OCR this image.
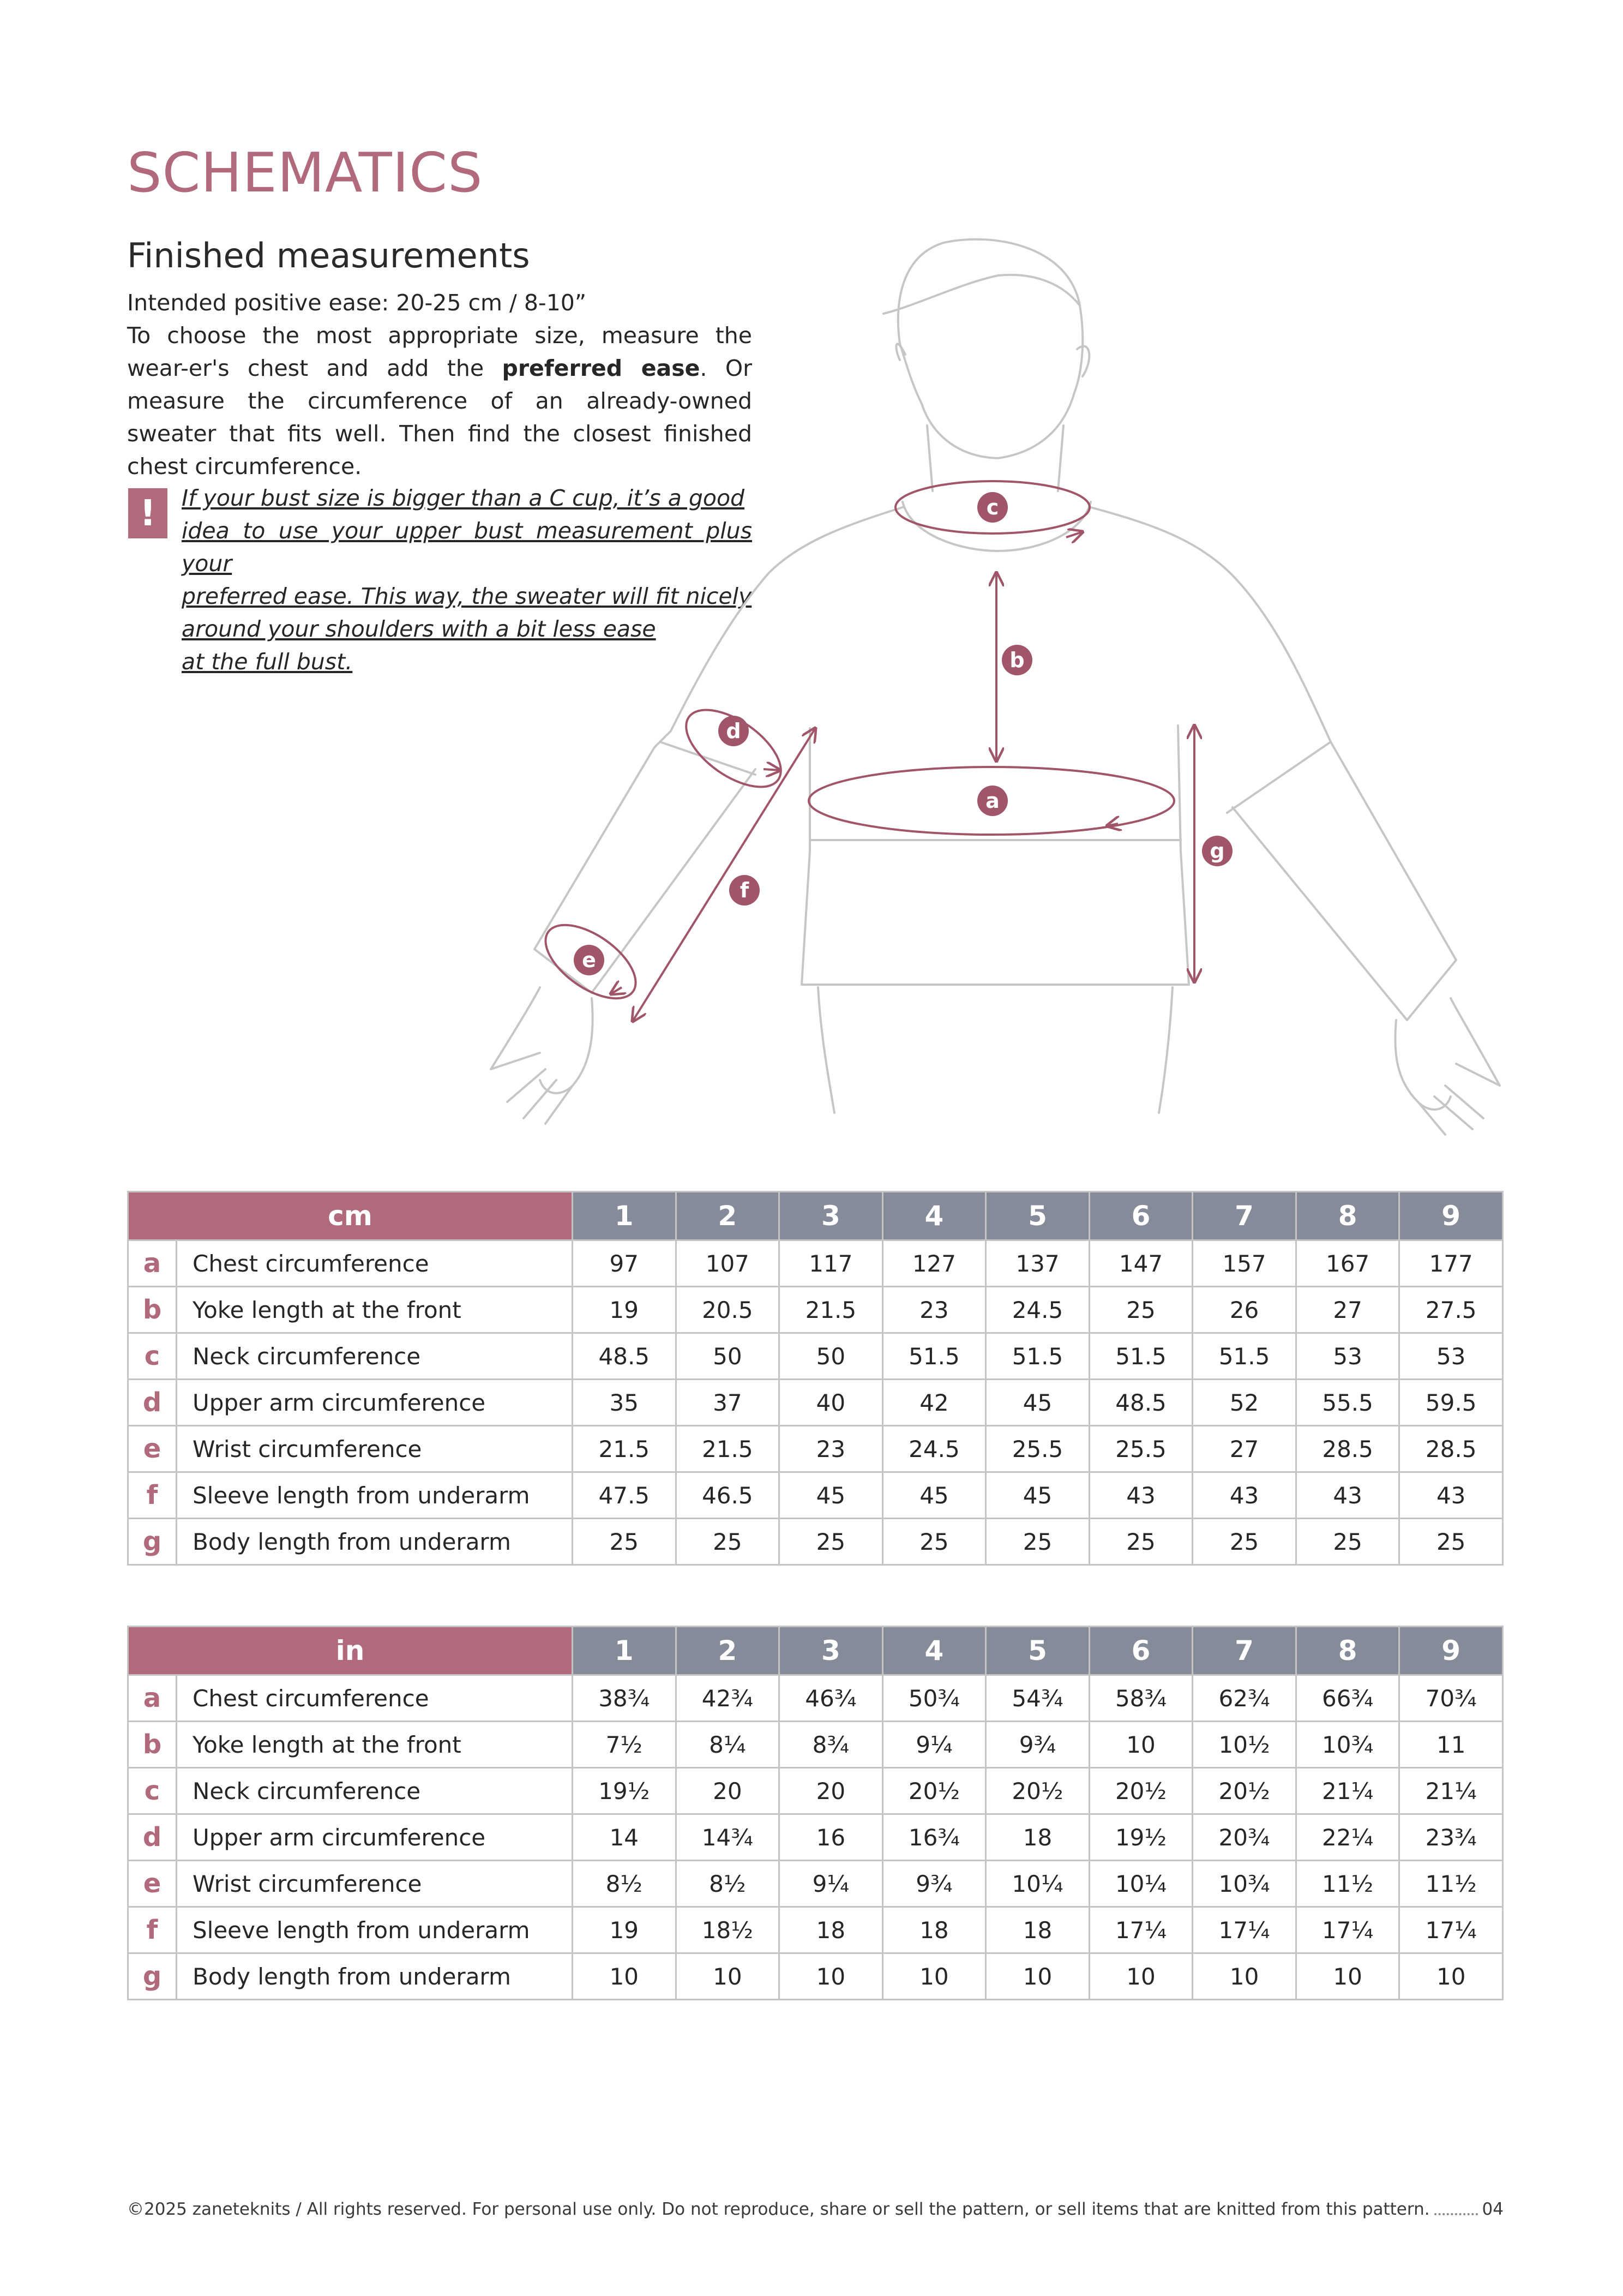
SCHEMATICS
Finished measurements

Intended positive ease: 20-25 cm / 8-10”

To choose the most appropriate size, measure the wear-er's chest and add the preferred ease. Or measure the circumference of an already-owned sweater that fits well. Then find the closest finished chest circumference.

!	If your bust size is bigger than a C cup, it’s a good
idea to use your upper bust measurement plus your
preferred ease. This way, the sweater will fit nicely
around your shoulders with a bit less ease
at the full bust.

c
b
a
d
e
f
g
cm		1	2	3	4	5	6	7	8	9
a	Chest circumference	97	107	117	127	137	147	157	167	177
b	Yoke length at the front	19	20.5	21.5	23	24.5	25	26	27	27.5
c	Neck circumference	48.5	50	50	51.5	51.5	51.5	51.5	53	53
d	Upper arm circumference	35	37	40	42	45	48.5	52	55.5	59.5
e	Wrist circumference	21.5	21.5	23	24.5	25.5	25.5	27	28.5	28.5
f	Sleeve length from underarm	47.5	46.5	45	45	45	43	43	43	43
g	Body length from underarm	25	25	25	25	25	25	25	25	25
in		1	2	3	4	5	6	7	8	9
a	Chest circumference	38¾	42¾	46¾	50¾	54¾	58¾	62¾	66¾	70¾
b	Yoke length at the front	7½	8¼	8¾	9¼	9¾	10	10½	10¾	11
c	Neck circumference	19½	20	20	20½	20½	20½	20½	21¼	21¼
d	Upper arm circumference	14	14¾	16	16¾	18	19½	20¾	22¼	23¾
e	Wrist circumference	8½	8½	9¼	9¾	10¼	10¼	10¾	11½	11½
f	Sleeve length from underarm	19	18½	18	18	18	17¼	17¼	17¼	17¼
g	Body length from underarm	10	10	10	10	10	10	10	10	10
©2025 zaneteknits / All rights reserved. For personal use only. Do not reproduce, share or sell the pattern, or sell items that are knitted from this pattern.	04
